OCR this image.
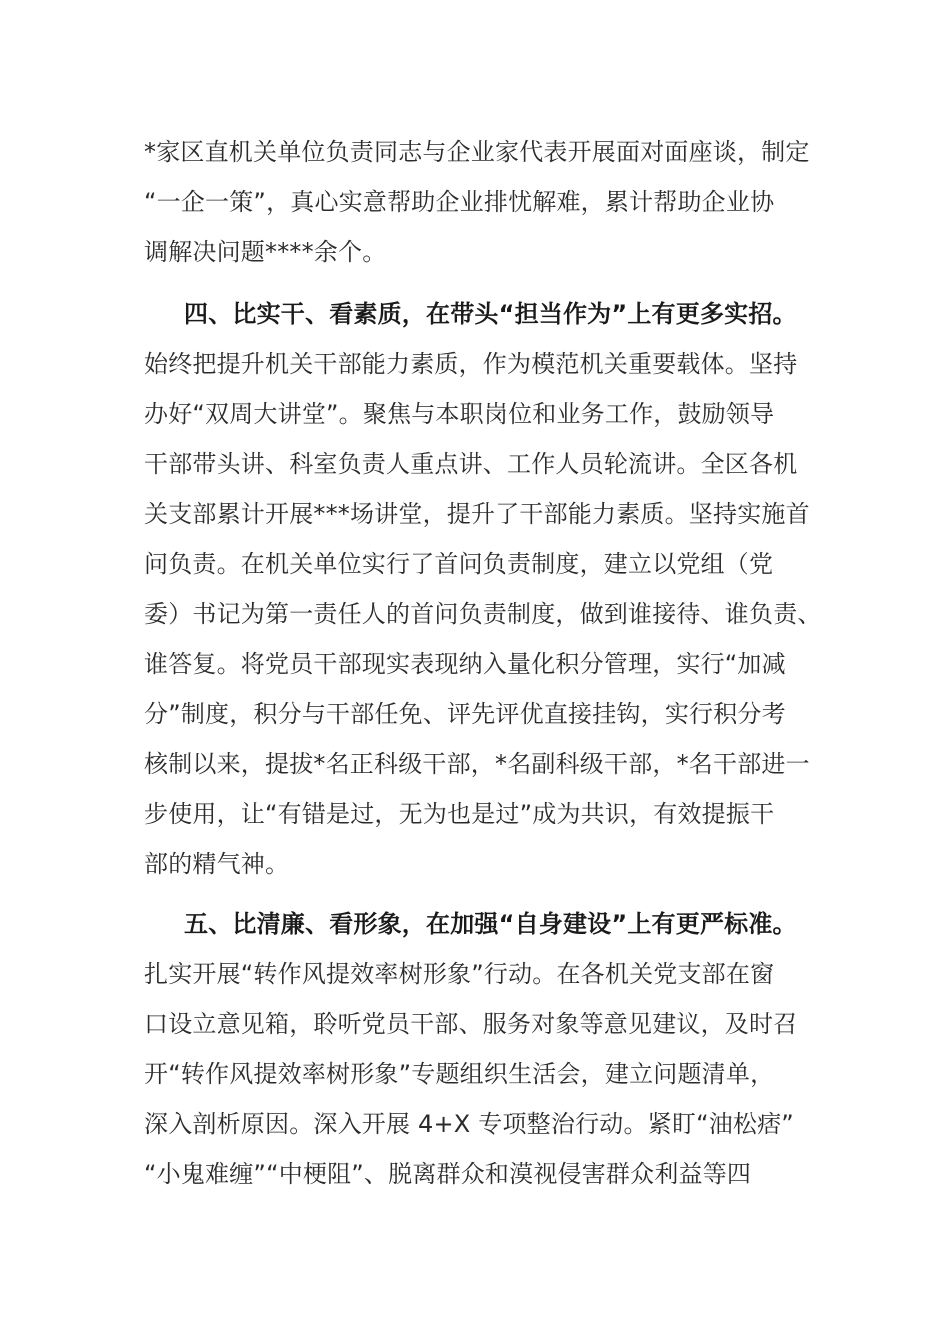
*家区直机关单位负责同志与企业家代表开展面对面座谈，制定
“一企一策”，真心实意帮助企业排忧解难，累计帮助企业协
调解决问题****余个。
四、比实干、看素质，在带头“担当作为”上有更多实招。
始终把提升机关干部能力素质，作为模范机关重要载体。坚持
办好“双周大讲堂”。聚焦与本职岗位和业务工作，鼓励领导
干部带头讲、科室负责人重点讲、工作人员轮流讲。全区各机
关支部累计开展***场讲堂，提升了干部能力素质。坚持实施首
问负责。在机关单位实行了首问负责制度，建立以党组（党
委）书记为第一责任人的首问负责制度，做到谁接待、谁负责、
谁答复。将党员干部现实表现纳入量化积分管理，实行“加减
分”制度，积分与干部任免、评先评优直接挂钩，实行积分考
核制以来，提拔*名正科级干部，*名副科级干部，*名干部进一
步使用，让“有错是过，无为也是过”成为共识，有效提振干
部的精气神。
五、比清廉、看形象，在加强“自身建设”上有更严标准。
扎实开展“转作风提效率树形象”行动。在各机关党支部在窗
口设立意见箱，聆听党员干部、服务对象等意见建议，及时召
开“转作风提效率树形象”专题组织生活会，建立问题清单，
深入剖析原因。深入开展 4+X 专项整治行动。紧盯“油松痞”
“小鬼难缠”“中梗阻”、脱离群众和漠视侵害群众利益等四
